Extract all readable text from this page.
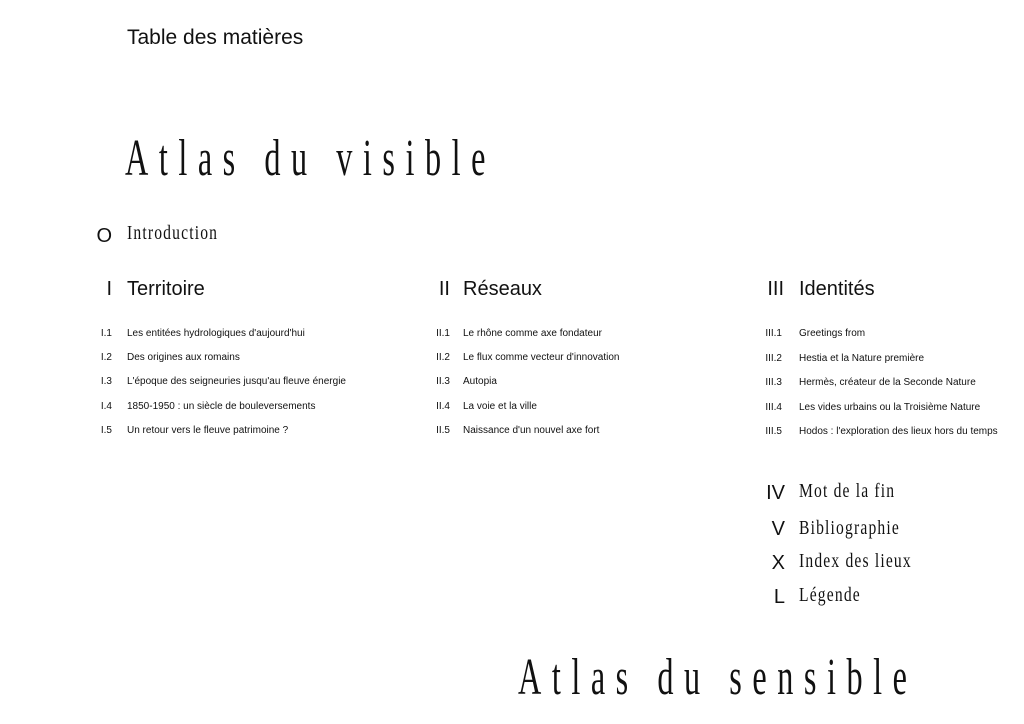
Table des matières
Atlas du visible
O Introduction
I Territoire
I.1 Les entitées hydrologiques d'aujourd'hui
I.2 Des origines aux romains
I.3 L'époque des seigneuries jusqu'au fleuve énergie
I.4 1850-1950 : un siècle de bouleversements
I.5 Un retour vers le fleuve patrimoine ?
II Réseaux
II.1 Le rhône comme axe fondateur
II.2 Le flux comme vecteur d'innovation
II.3 Autopia
II.4 La voie et la ville
II.5 Naissance d'un nouvel axe fort
III Identités
III.1 Greetings from
III.2 Hestia et la Nature première
III.3 Hermès, créateur de la Seconde Nature
III.4 Les vides urbains ou la Troisième Nature
III.5 Hodos : l'exploration des lieux hors du temps
IV Mot de la fin
V Bibliographie
X Index des lieux
L Légende
Atlas du sensible
